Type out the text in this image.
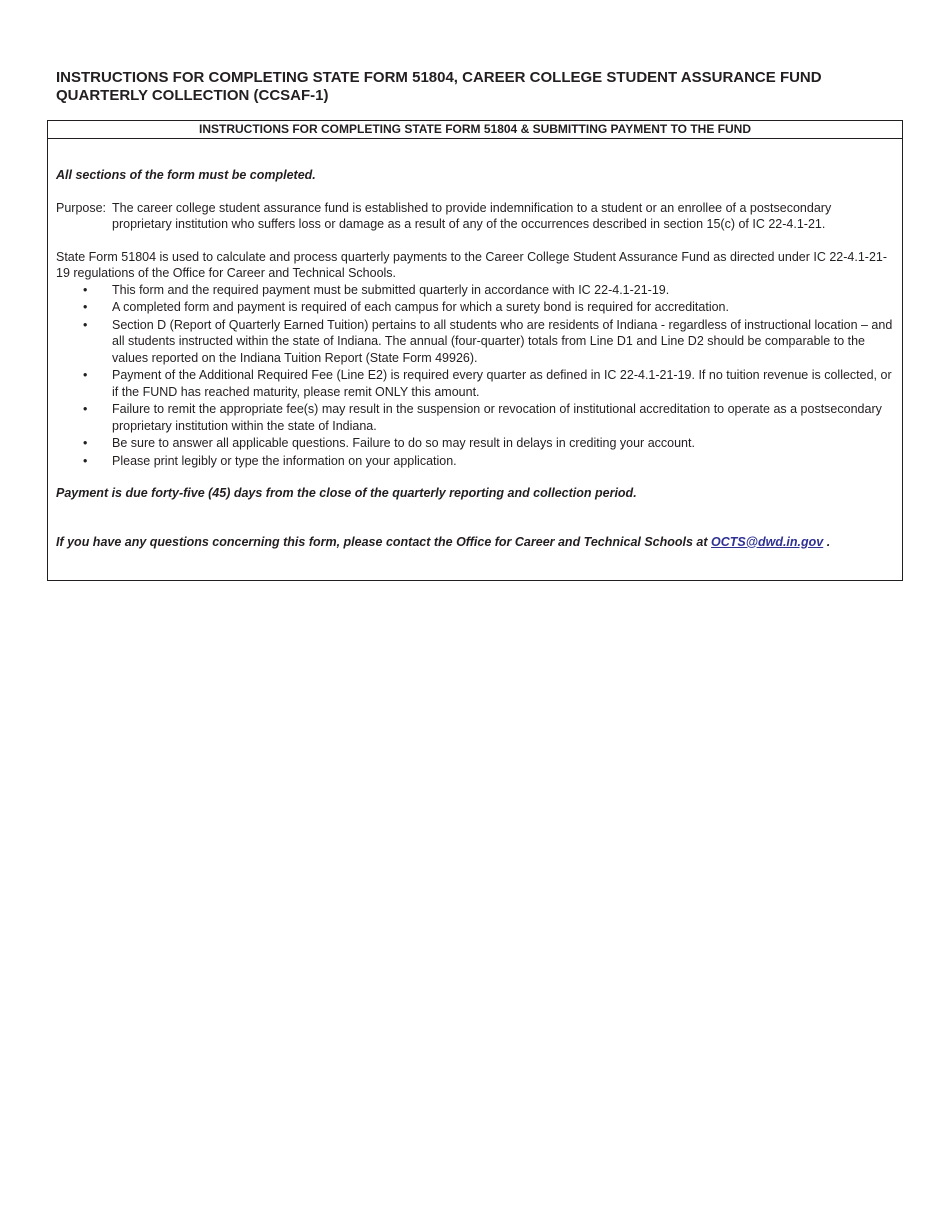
INSTRUCTIONS FOR COMPLETING STATE FORM 51804, CAREER COLLEGE STUDENT ASSURANCE FUND QUARTERLY COLLECTION (CCSAF-1)
INSTRUCTIONS FOR COMPLETING STATE FORM 51804 & SUBMITTING PAYMENT TO THE FUND

All sections of the form must be completed.

Purpose: The career college student assurance fund is established to provide indemnification to a student or an enrollee of a postsecondary proprietary institution who suffers loss or damage as a result of any of the occurrences described in section 15(c) of IC 22-4.1-21.

State Form 51804 is used to calculate and process quarterly payments to the Career College Student Assurance Fund as directed under IC 22-4.1-21-19 regulations of the Office for Career and Technical Schools.

• This form and the required payment must be submitted quarterly in accordance with IC 22-4.1-21-19.
• A completed form and payment is required of each campus for which a surety bond is required for accreditation.
• Section D (Report of Quarterly Earned Tuition) pertains to all students who are residents of Indiana - regardless of instructional location – and all students instructed within the state of Indiana. The annual (four-quarter) totals from Line D1 and Line D2 should be comparable to the values reported on the Indiana Tuition Report (State Form 49926).
• Payment of the Additional Required Fee (Line E2) is required every quarter as defined in IC 22-4.1-21-19. If no tuition revenue is collected, or if the FUND has reached maturity, please remit ONLY this amount.
• Failure to remit the appropriate fee(s) may result in the suspension or revocation of institutional accreditation to operate as a postsecondary proprietary institution within the state of Indiana.
• Be sure to answer all applicable questions. Failure to do so may result in delays in crediting your account.
• Please print legibly or type the information on your application.

Payment is due forty-five (45) days from the close of the quarterly reporting and collection period.

If you have any questions concerning this form, please contact the Office for Career and Technical Schools at OCTS@dwd.in.gov .
